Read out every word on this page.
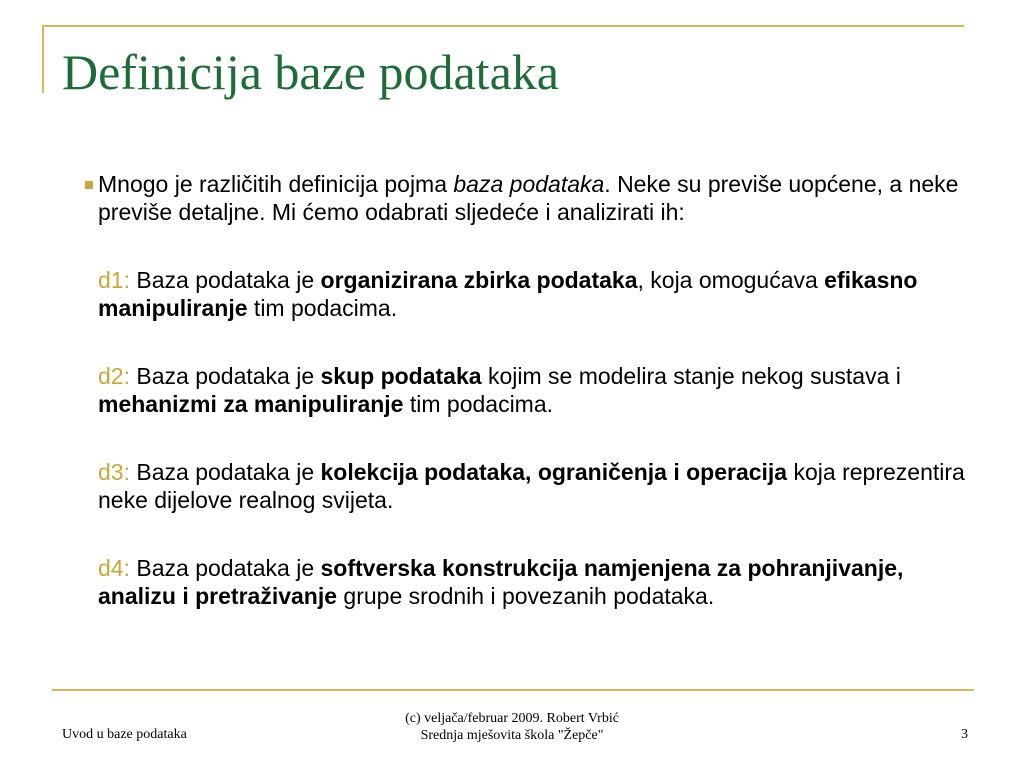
Definicija baze podataka

Mnogo je različitih definicija pojma baza podataka. Neke su previše uopćene, a neke previše detaljne. Mi ćemo odabrati sljedeće i analizirati ih:

d1: Baza podataka je organizirana zbirka podataka, koja omogućava efikasno manipuliranje tim podacima.

d2: Baza podataka je skup podataka kojim se modelira stanje nekog sustava i mehanizmi za manipuliranje tim podacima.

d3: Baza podataka je kolekcija podataka, ograničenja i operacija koja reprezentira neke dijelove realnog svijeta.

d4: Baza podataka je softverska konstrukcija namjenjena za pohranjivanje, analizu i pretraživanje grupe srodnih i povezanih podataka.

Uvod u baze podataka
(c) veljača/februar 2009. Robert Vrbić
Srednja mješovita škola "Žepče"	3
